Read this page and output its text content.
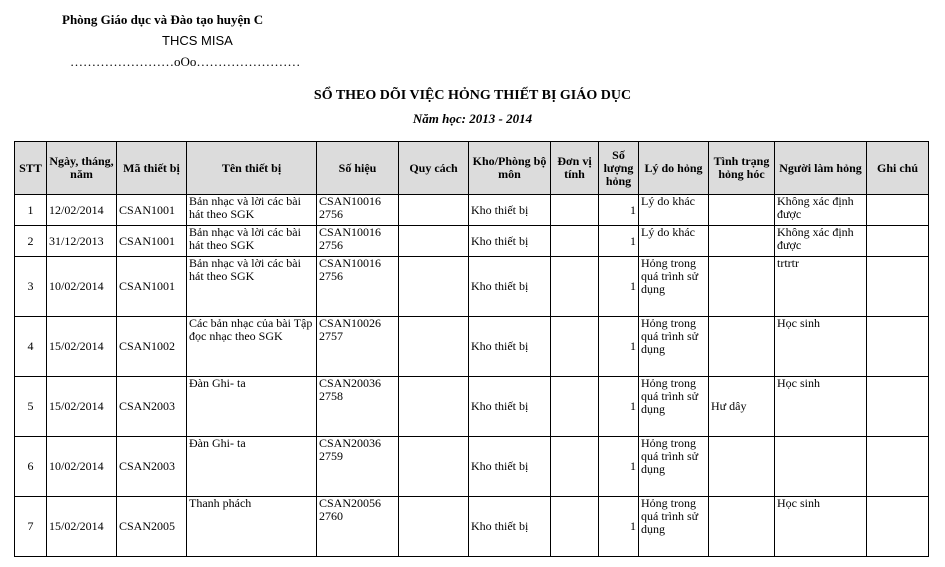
Phòng Giáo dục và Đào tạo huyện C
THCS MISA
……………………oOo……………………
SỔ THEO DÕI VIỆC HỎNG THIẾT BỊ GIÁO DỤC
Năm học: 2013 - 2014
STT	Ngày, tháng, năm	Mã thiết bị	Tên thiết bị	Số hiệu	Quy cách	Kho/Phòng bộ môn	Đơn vị tính	Số lượng hỏng	Lý do hỏng	Tình trạng hỏng hóc	Người làm hỏng	Ghi chú
1	12/02/2014	CSAN1001	Bản nhạc và lời các bài hát theo SGK	CSAN10016 2756		Kho thiết bị		1	Lý do khác		Không xác định được	
2	31/12/2013	CSAN1001	Bản nhạc và lời các bài hát theo SGK	CSAN10016 2756		Kho thiết bị		1	Lý do khác		Không xác định được	
3	10/02/2014	CSAN1001	Bản nhạc và lời các bài hát theo SGK	CSAN10016 2756		Kho thiết bị		1	Hỏng trong quá trình sử dụng		trtrtr	
4	15/02/2014	CSAN1002	Các bản nhạc của bài Tập đọc nhạc theo SGK	CSAN10026 2757		Kho thiết bị		1	Hỏng trong quá trình sử dụng		Học sinh	
5	15/02/2014	CSAN2003	Đàn Ghi- ta	CSAN20036 2758		Kho thiết bị		1	Hỏng trong quá trình sử dụng	Hư dây	Học sinh	
6	10/02/2014	CSAN2003	Đàn Ghi- ta	CSAN20036 2759		Kho thiết bị		1	Hỏng trong quá trình sử dụng			
7	15/02/2014	CSAN2005	Thanh phách	CSAN20056 2760		Kho thiết bị		1	Hỏng trong quá trình sử dụng		Học sinh	
